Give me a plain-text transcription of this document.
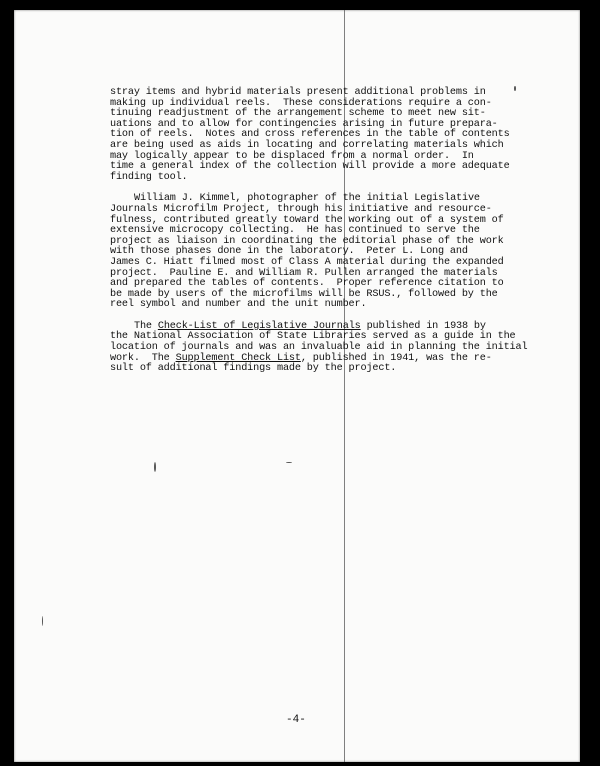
stray items and hybrid materials present additional problems in
making up individual reels.  These considerations require a con-
tinuing readjustment of the arrangement scheme to meet new sit-
uations and to allow for contingencies arising in future prepara-
tion of reels.  Notes and cross references in the table of contents
are being used as aids in locating and correlating materials which
may logically appear to be displaced from a normal order.  In
time a general index of the collection will provide a more adequate
finding tool.
William J. Kimmel, photographer of the initial Legislative
Journals Microfilm Project, through his initiative and resource-
fulness, contributed greatly toward the working out of a system of
extensive microcopy collecting.  He has continued to serve the
project as liaison in coordinating the editorial phase of the work
with those phases done in the laboratory.  Peter L. Long and
James C. Hiatt filmed most of Class A material during the expanded
project.  Pauline E. and William R. Pullen arranged the materials
and prepared the tables of contents.  Proper reference citation to
be made by users of the microfilms will be RSUS., followed by the
reel symbol and number and the unit number.
The Check-List of Legislative Journals published in 1938 by
the National Association of State Libraries served as a guide in the
location of journals and was an invaluable aid in planning the initial
work.  The Supplement Check List, published in 1941, was the re-
sult of additional findings made by the project.
-4-
